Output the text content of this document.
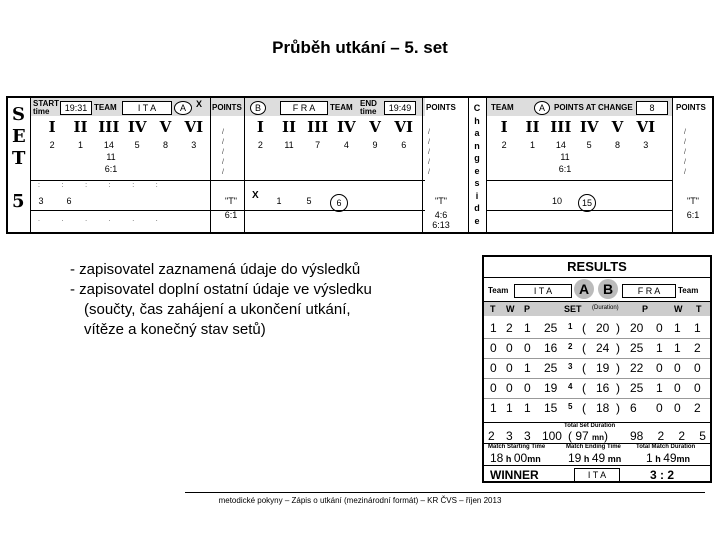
Průběh utkání – 5. set
S
E
T
5
START time	19:31 TEAM	I T A	A	X
I	II III IV V VI
2	1	14	5	8	3
11
6:1
:       :       :       :       :       :
3	6
.       .       .       .       .       .
POINTS
/
/
/
/
/
"T"
6:1
B	F R A	TEAM END time	19:49
X
I	II III IV V VI
2	11	7	4	9	6
1	5	6
POINTS
/
/
/
/
/
"T"
4:6
6:13
C
h
a
n
g
e
s
i
d
e
TEAM	A	POINTS AT CHANGE	8
I	II III IV V VI
2	1	14	5	8	3
11
6:1
10	15
POINTS
/
/
/
/
/
"T"
6:1
- zapisovatel zaznamená údaje do výsledků
- zapisovatel doplní ostatní údaje ve výsledku
(součty, čas zahájení a ukončení utkání,
vítěze a konečný stav setů)
RESULTS
Team	I T A	A B	F R A	Team
T W P	SET (Duration)	P	W T
1 2 1 25 1 (   20  ) 20 0 1 1
0 0 0 16 2 (   24  ) 25 1 1 2
0 0 1 25 3 (   19  ) 22 0 0 0
0 0 0 19 4 (   16  ) 25 1 0 0
1 1 1 15 5 (   18  ) 6 0 0 2
Total Set Duration
2 3 3 100 ( 97 mn) 98 2 2 5
Match Starting Time
18 h 00mn
Match Ending Time
19 h 49 mn
Total Match Duration
1 h 49mn
WINNER	I T A	3 : 2
metodické pokyny – Zápis o utkání (mezinárodní formát) – KR ČVS – říjen 2013
